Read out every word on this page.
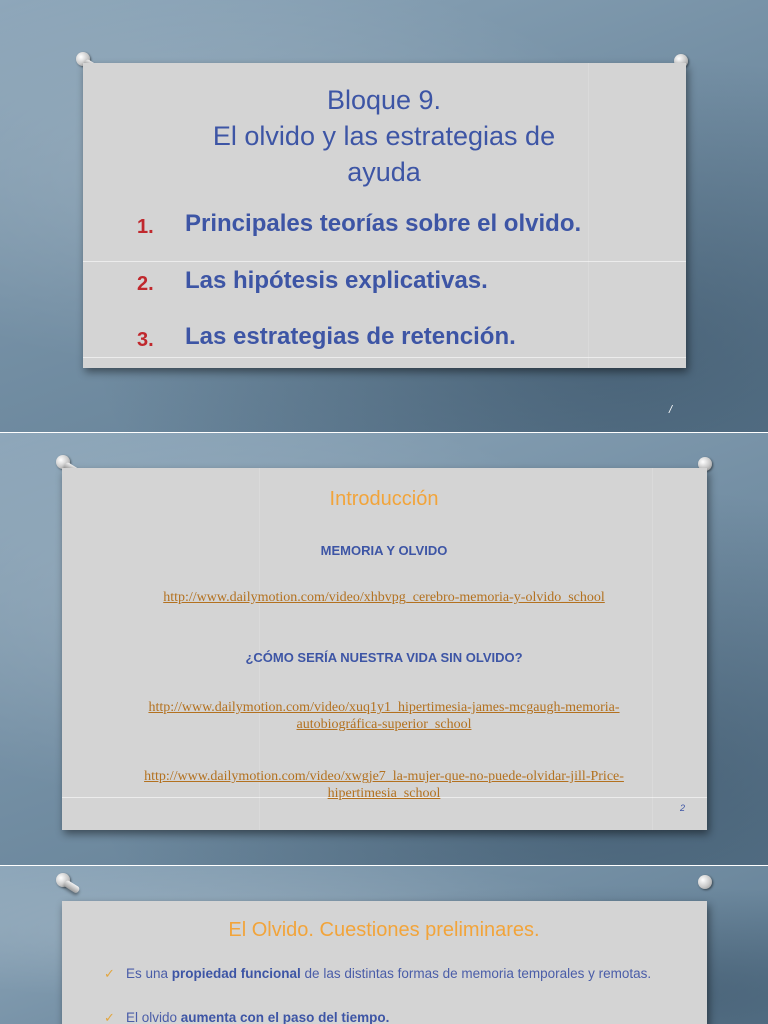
Bloque 9.
El olvido y las estrategias de
ayuda
1. Principales teorías sobre el olvido.
2. Las hipótesis explicativas.
3. Las estrategias de retención.
/
Introducción
MEMORIA Y OLVIDO
http://www.dailymotion.com/video/xhbvpg_cerebro-memoria-y-olvido_school
¿CÓMO SERÍA NUESTRA VIDA SIN OLVIDO?
http://www.dailymotion.com/video/xuq1y1_hipertimesia-james-mcgaugh-memoria-
autobiográfica-superior_school
http://www.dailymotion.com/video/xwgje7_la-mujer-que-no-puede-olvidar-jill-Price-
hipertimesia_school
2
El Olvido. Cuestiones preliminares.
✓ Es una propiedad funcional de las distintas formas de memoria temporales y remotas.
✓ El olvido aumenta con el paso del tiempo.
